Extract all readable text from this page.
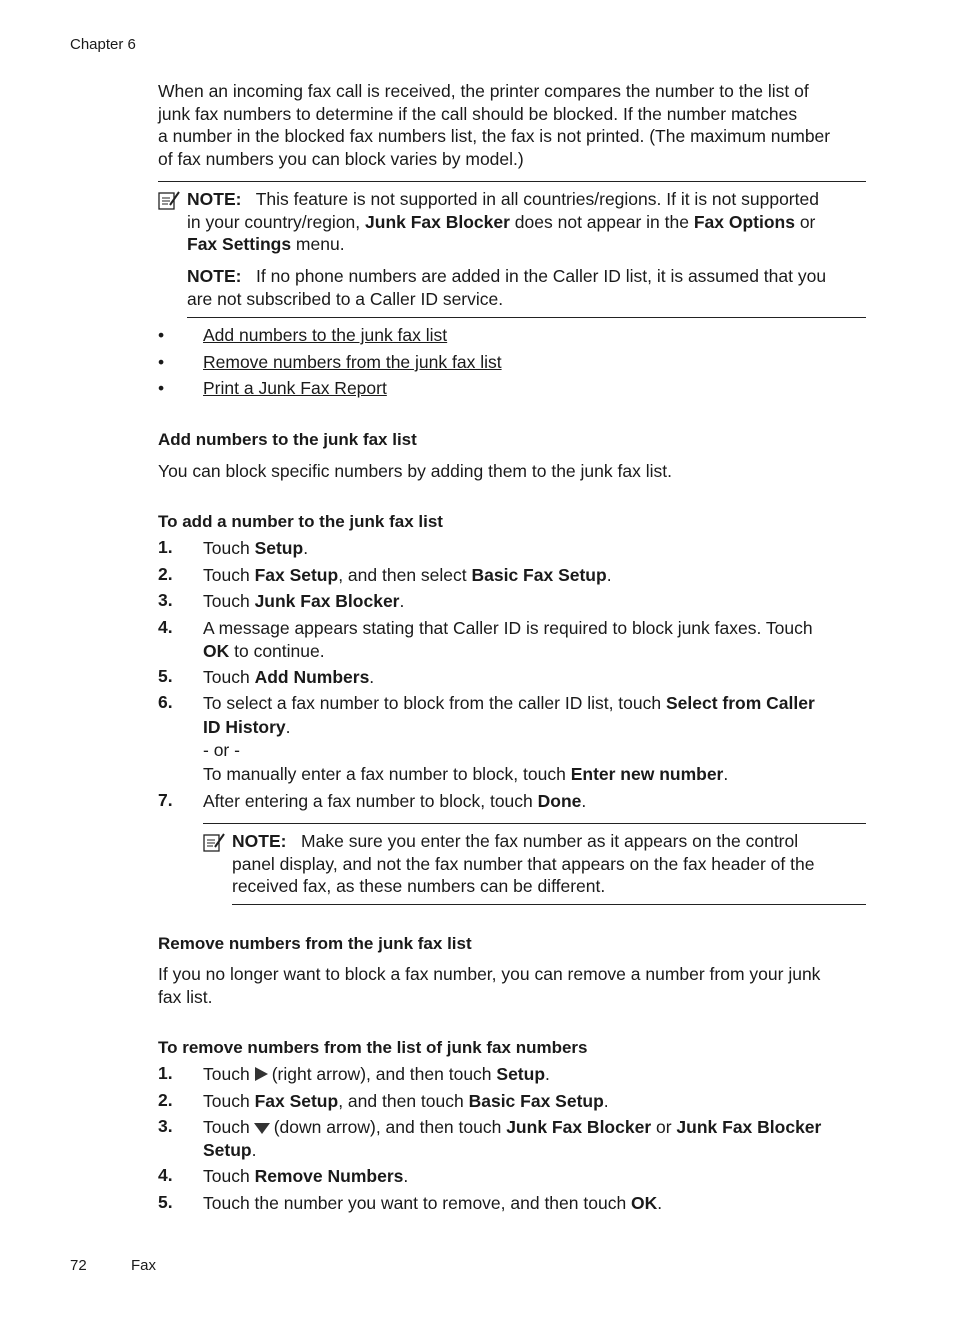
Chapter 6
When an incoming fax call is received, the printer compares the number to the list of
junk fax numbers to determine if the call should be blocked. If the number matches
a number in the blocked fax numbers list, the fax is not printed. (The maximum number
of fax numbers you can block varies by model.)
NOTE: This feature is not supported in all countries/regions. If it is not supported
in your country/region, Junk Fax Blocker does not appear in the Fax Options or
Fax Settings menu.
NOTE: If no phone numbers are added in the Caller ID list, it is assumed that you
are not subscribed to a Caller ID service.
• Add numbers to the junk fax list
• Remove numbers from the junk fax list
• Print a Junk Fax Report
Add numbers to the junk fax list
You can block specific numbers by adding them to the junk fax list.
To add a number to the junk fax list
1. Touch Setup.
2. Touch Fax Setup, and then select Basic Fax Setup.
3. Touch Junk Fax Blocker.
4. A message appears stating that Caller ID is required to block junk faxes. Touch
OK to continue.
5. Touch Add Numbers.
6. To select a fax number to block from the caller ID list, touch Select from Caller
ID History.
- or -
To manually enter a fax number to block, touch Enter new number.
7. After entering a fax number to block, touch Done.
NOTE: Make sure you enter the fax number as it appears on the control
panel display, and not the fax number that appears on the fax header of the
received fax, as these numbers can be different.
Remove numbers from the junk fax list
If you no longer want to block a fax number, you can remove a number from your junk
fax list.
To remove numbers from the list of junk fax numbers
1. Touch (right arrow), and then touch Setup.
2. Touch Fax Setup, and then touch Basic Fax Setup.
3. Touch (down arrow), and then touch Junk Fax Blocker or Junk Fax Blocker
Setup.
4. Touch Remove Numbers.
5. Touch the number you want to remove, and then touch OK.
72	Fax
